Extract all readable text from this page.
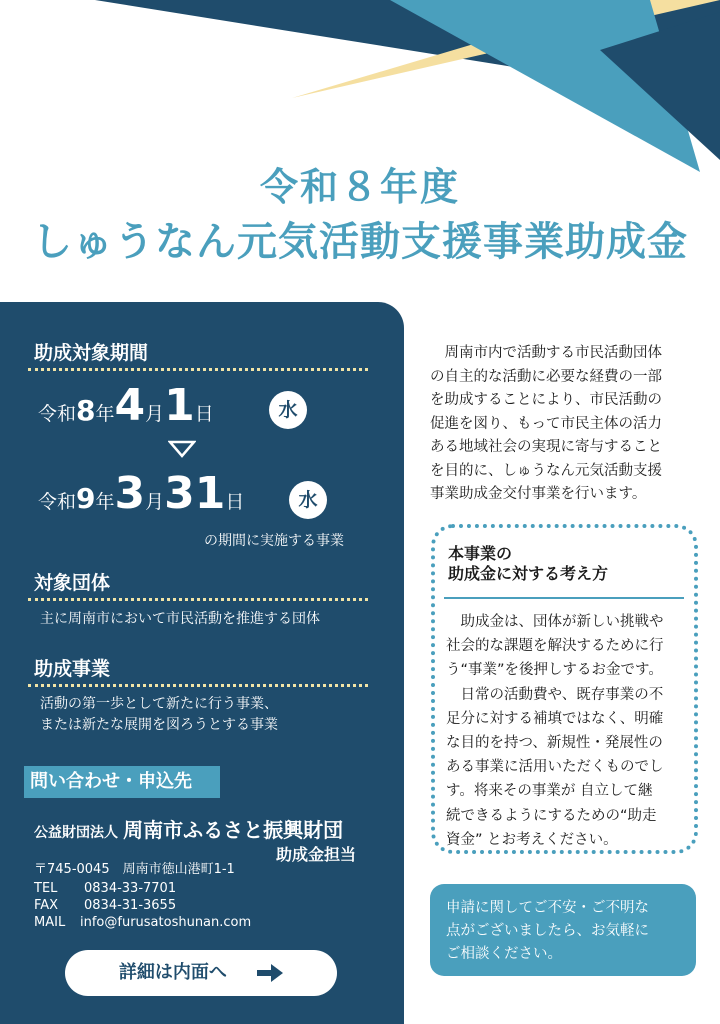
令和８年度
しゅうなん元気活動支援事業助成金
助成対象期間
令和8年4月1日	水
令和9年3月31日	水
の期間に実施する事業
対象団体
主に周南市において市民活動を推進する団体
助成事業
活動の第一歩として新たに行う事業、
または新たな展開を図ろうとする事業
問い合わせ・申込先
公益財団法人 周南市ふるさと振興財団
助成金担当
〒745-0045　周南市徳山港町1-1
TEL 0834-33-7701
FAX 0834-31-3655
MAIL info@furusatoshunan.com
詳細は内面へ
　周南市内で活動する市民活動団体
の自主的な活動に必要な経費の一部
を助成することにより、市民活動の
促進を図り、もって市民主体の活力
ある地域社会の実現に寄与すること
を目的に、しゅうなん元気活動支援
事業助成金交付事業を行います。
本事業の
助成金に対する考え方
　助成金は、団体が新しい挑戦や
社会的な課題を解決するために行
う“事業”を後押しするお金です。
　日常の活動費や、既存事業の不
足分に対する補填ではなく、明確
な目的を持つ、新規性・発展性の
ある事業に活用いただくものでし
す。将来その事業が 自立して継
続できるようにするための“助走
資金” とお考えください。
申請に関してご不安・ご不明な
点がございましたら、お気軽に
ご相談ください。
